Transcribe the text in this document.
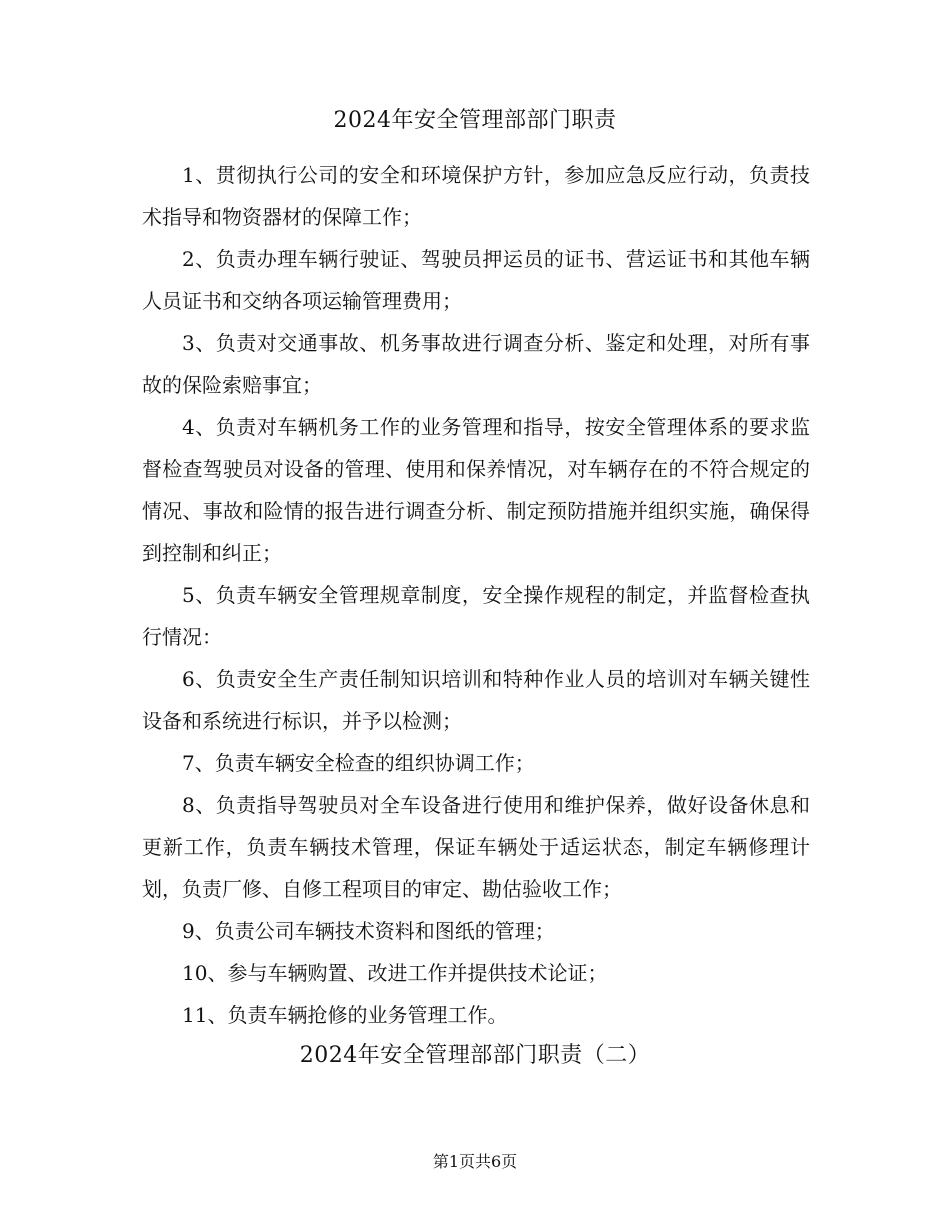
2024年安全管理部部门职责

1、贯彻执行公司的安全和环境保护方针，参加应急反应行动，负责技术指导和物资器材的保障工作；

2、负责办理车辆行驶证、驾驶员押运员的证书、营运证书和其他车辆人员证书和交纳各项运输管理费用；

3、负责对交通事故、机务事故进行调查分析、鉴定和处理，对所有事故的保险索赔事宜；

4、负责对车辆机务工作的业务管理和指导，按安全管理体系的要求监督检查驾驶员对设备的管理、使用和保养情况，对车辆存在的不符合规定的情况、事故和险情的报告进行调查分析、制定预防措施并组织实施，确保得到控制和纠正；

5、负责车辆安全管理规章制度，安全操作规程的制定，并监督检查执行情况：

6、负责安全生产责任制知识培训和特种作业人员的培训对车辆关键性设备和系统进行标识，并予以检测；

7、负责车辆安全检查的组织协调工作；

8、负责指导驾驶员对全车设备进行使用和维护保养，做好设备休息和更新工作，负责车辆技术管理，保证车辆处于适运状态，制定车辆修理计划，负责厂修、自修工程项目的审定、勘估验收工作；

9、负责公司车辆技术资料和图纸的管理；

10、参与车辆购置、改进工作并提供技术论证；

11、负责车辆抢修的业务管理工作。

2024年安全管理部部门职责（二）
第1页共6页
